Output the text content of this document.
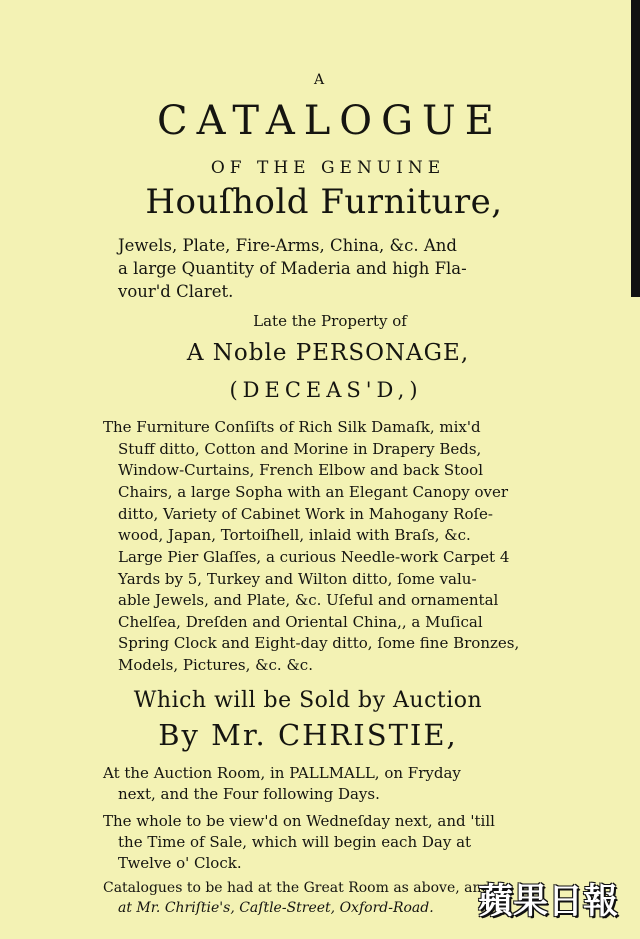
A
CATALOGUE
OF THE GENUINE
Houſhold Furniture,
Jewels, Plate, Fire-Arms, China, &c. And
a large Quantity of Maderia and high Fla-
vour'd Claret.
Late the Property of
A Noble PERSONAGE,
(DECEAS'D,)
The Furniture Conſiſts of Rich Silk Damaſk, mix'd
Stuff ditto, Cotton and Morine in Drapery Beds,
Window-Curtains, French Elbow and back Stool
Chairs, a large Sopha with an Elegant Canopy over
ditto, Variety of Cabinet Work in Mahogany Roſe-
wood, Japan, Tortoiſhell, inlaid with Braſs, &c.
Large Pier Glaſſes, a curious Needle-work Carpet 4
Yards by 5, Turkey and Wilton ditto, ſome valu-
able Jewels, and Plate, &c. Uſeful and ornamental
Chelſea, Dreſden and Oriental China,, a Muſical
Spring Clock and Eight-day ditto, ſome fine Bronzes,
Models, Pictures, &c. &c.
Which will be Sold by Auction
By Mr. CHRISTIE,
At the Auction Room, in PALLMALL, on Fryday
next, and the Four following Days.
The whole to be view'd on Wedneſday next, and 'till
the Time of Sale, which will begin each Day at
Twelve o' Clock.
Catalogues to be had at the Great Room as above, and
at Mr. Chriſtie's, Caſtle-Street, Oxford-Road. 蘋果日報
